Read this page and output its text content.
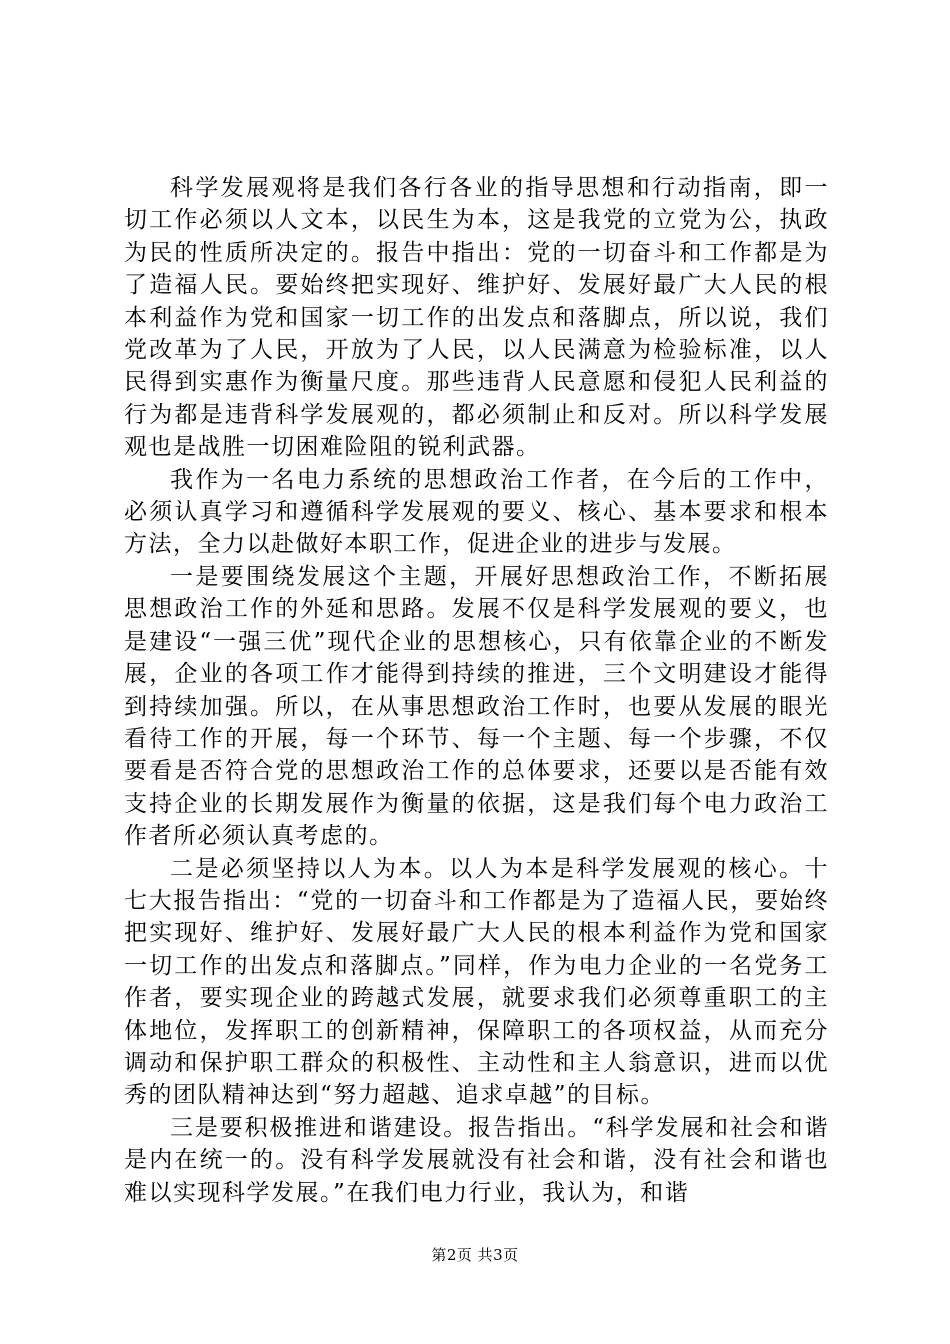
科学发展观将是我们各行各业的指导思想和行动指南，即一切工作必须以人文本，以民生为本，这是我党的立党为公，执政为民的性质所决定的。报告中指出：党的一切奋斗和工作都是为了造福人民。要始终把实现好、维护好、发展好最广大人民的根本利益作为党和国家一切工作的出发点和落脚点，所以说，我们党改革为了人民，开放为了人民，以人民满意为检验标准，以人民得到实惠作为衡量尺度。那些违背人民意愿和侵犯人民利益的行为都是违背科学发展观的，都必须制止和反对。所以科学发展观也是战胜一切困难险阻的锐利武器。

我作为一名电力系统的思想政治工作者，在今后的工作中，必须认真学习和遵循科学发展观的要义、核心、基本要求和根本方法，全力以赴做好本职工作，促进企业的进步与发展。

一是要围绕发展这个主题，开展好思想政治工作，不断拓展思想政治工作的外延和思路。发展不仅是科学发展观的要义，也是建设“一强三优”现代企业的思想核心，只有依靠企业的不断发展，企业的各项工作才能得到持续的推进，三个文明建设才能得到持续加强。所以，在从事思想政治工作时，也要从发展的眼光看待工作的开展，每一个环节、每一个主题、每一个步骤，不仅要看是否符合党的思想政治工作的总体要求，还要以是否能有效支持企业的长期发展作为衡量的依据，这是我们每个电力政治工作者所必须认真考虑的。

二是必须坚持以人为本。以人为本是科学发展观的核心。十七大报告指出：“党的一切奋斗和工作都是为了造福人民，要始终把实现好、维护好、发展好最广大人民的根本利益作为党和国家一切工作的出发点和落脚点。”同样，作为电力企业的一名党务工作者，要实现企业的跨越式发展，就要求我们必须尊重职工的主体地位，发挥职工的创新精神，保障职工的各项权益，从而充分调动和保护职工群众的积极性、主动性和主人翁意识，进而以优秀的团队精神达到“努力超越、追求卓越”的目标。

三是要积极推进和谐建设。报告指出。“科学发展和社会和谐是内在统一的。没有科学发展就没有社会和谐，没有社会和谐也难以实现科学发展。”在我们电力行业，我认为，和谐

第2页 共3页
